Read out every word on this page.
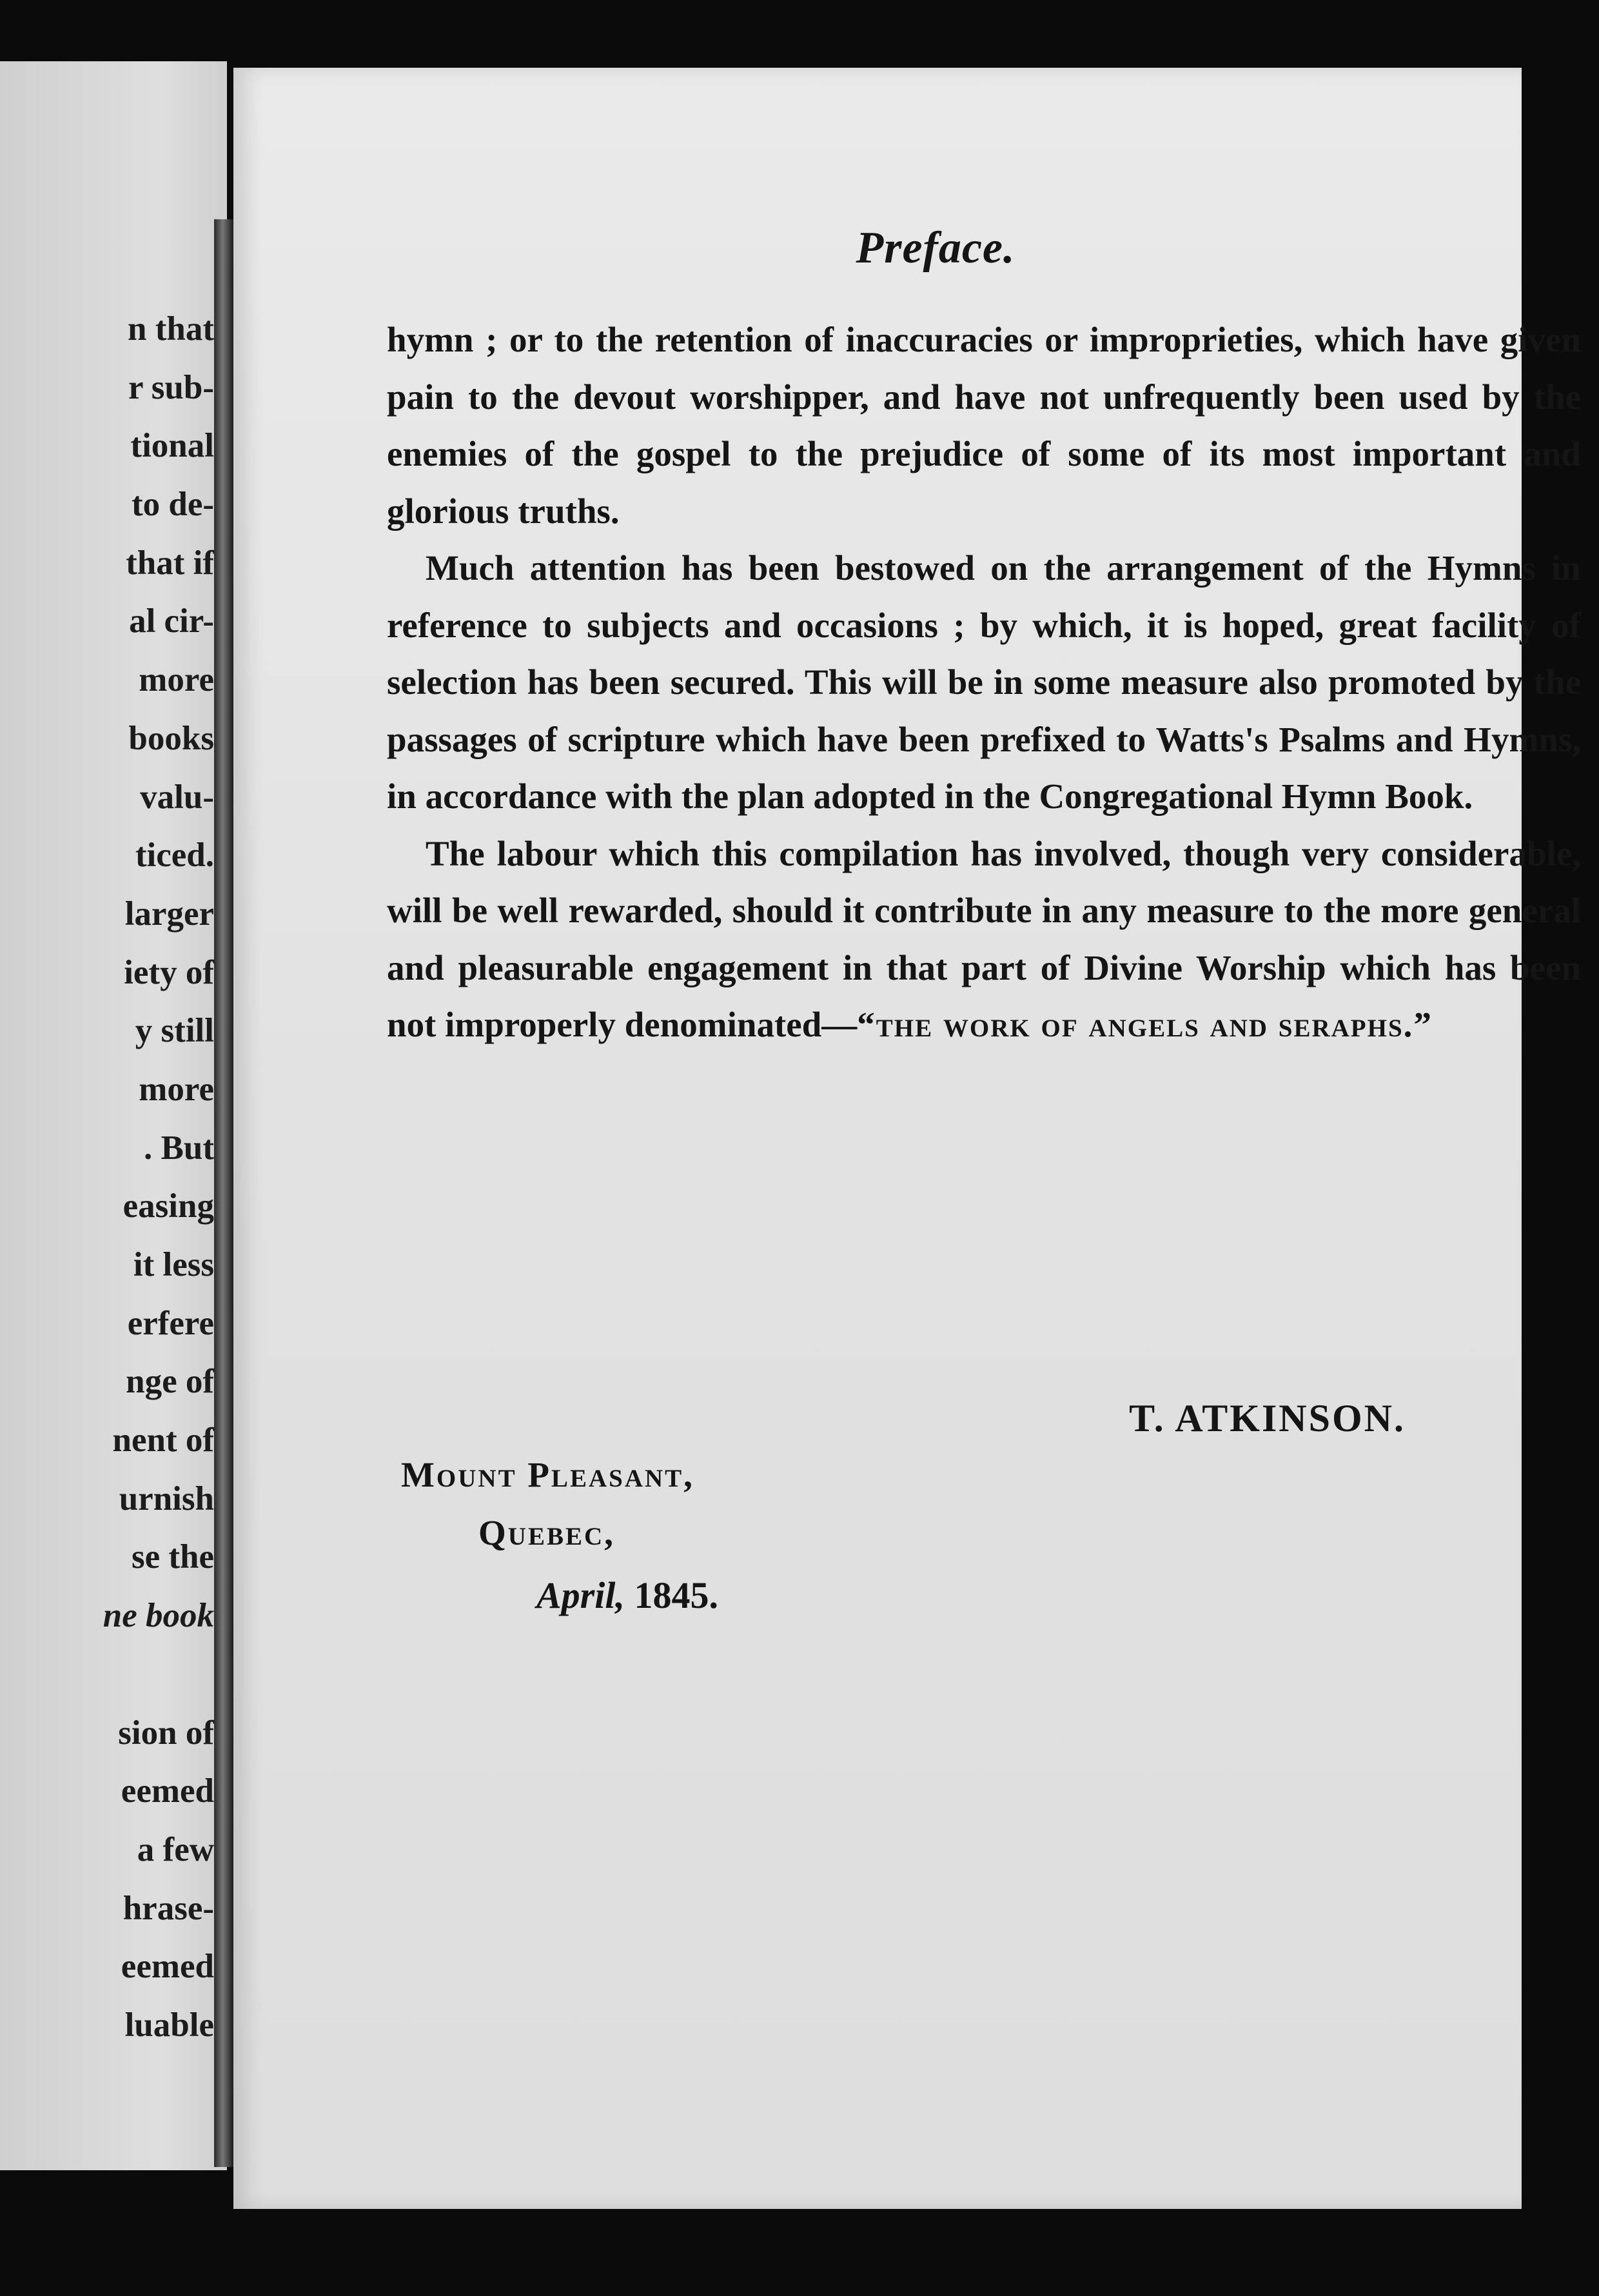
n that
r sub-
tional
to de-
that if
al cir-
more
books
valu-
ticed.
larger
iety of
y still
more
. But
easing
it less
erfere
nge of
nent of
urnish
se the
ne book
sion of
eemed
a few
hrase-
eemed
luable
Preface.

hymn ; or to the retention of inaccuracies or improprieties, which have given pain to the devout worshipper, and have not unfrequently been used by the enemies of the gospel to the prejudice of some of its most important and glorious truths.

Much attention has been bestowed on the arrangement of the Hymns in reference to subjects and occasions ; by which, it is hoped, great facility of selection has been secured. This will be in some measure also promoted by the passages of scripture which have been prefixed to Watts's Psalms and Hymns, in accordance with the plan adopted in the Congregational Hymn Book.

The labour which this compilation has involved, though very considerable, will be well rewarded, should it contribute in any measure to the more general and pleasurable engagement in that part of Divine Worship which has been not improperly denominated—“the work of angels and seraphs.”

T. ATKINSON.

Mount Pleasant,

Quebec,

April, 1845.
